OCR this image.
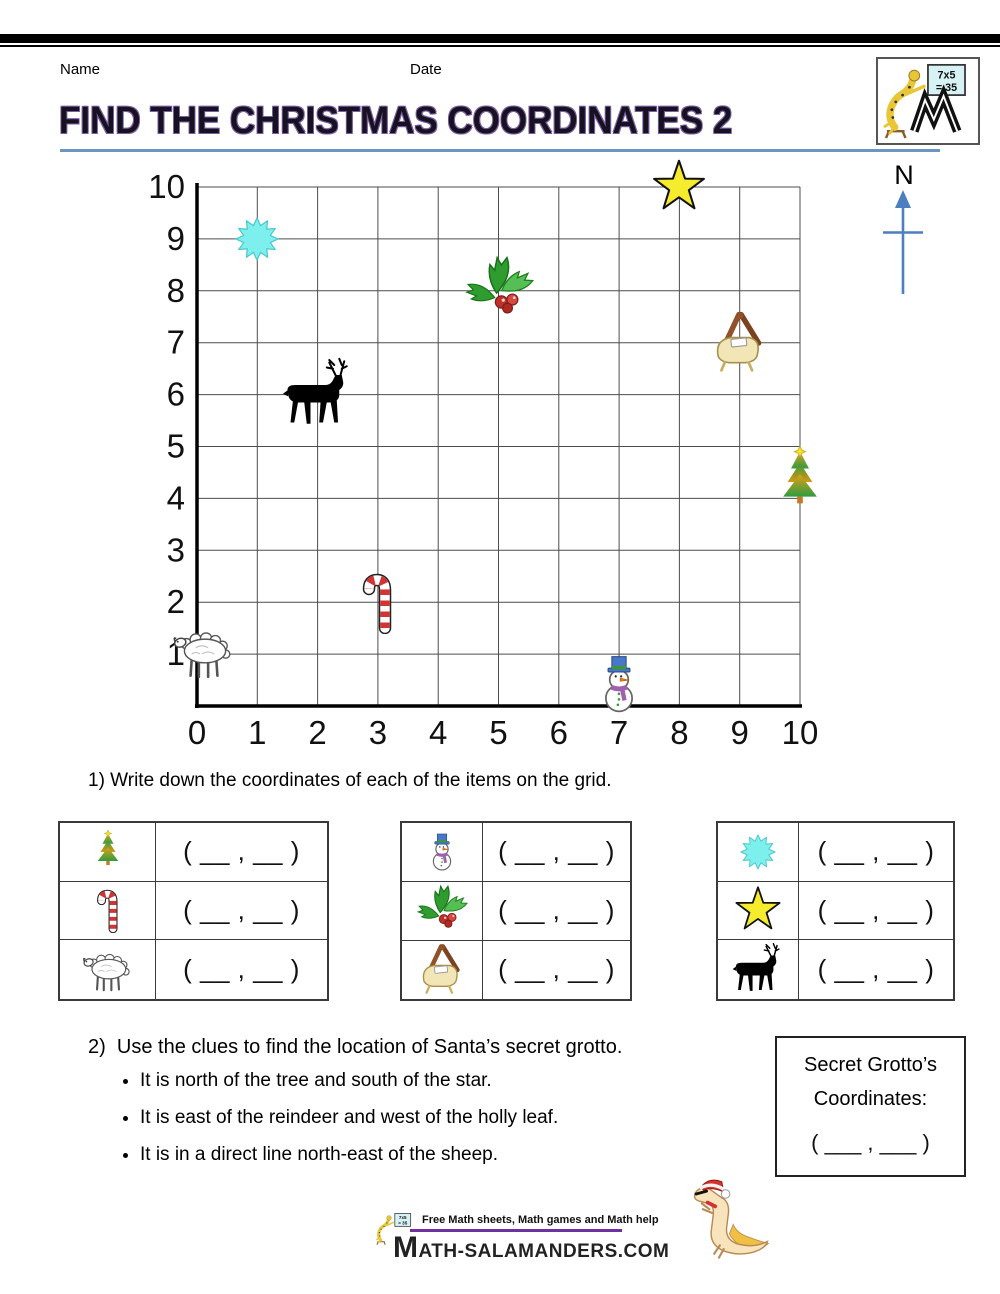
Name	Date
FIND THE CHRISTMAS COORDINATES 2
10
9
8
7
6
5
4
3
2
1
0 1 2 3 4 5 6 7 8 9 10
N
1) Write down the coordinates of each of the items on the grid.
( __ , __ )
( __ , __ )
( __ , __ )
( __ , __ )
( __ , __ )
( __ , __ )
( __ , __ )
( __ , __ )
( __ , __ )
2)  Use the clues to find the location of Santa’s secret grotto.
• It is north of the tree and south of the star.
• It is east of the reindeer and west of the holly leaf.
• It is in a direct line north-east of the sheep.
Secret Grotto’s
Coordinates:
( ___ , ___ )
Free Math sheets, Math games and Math help
MATH-SALAMANDERS.COM
